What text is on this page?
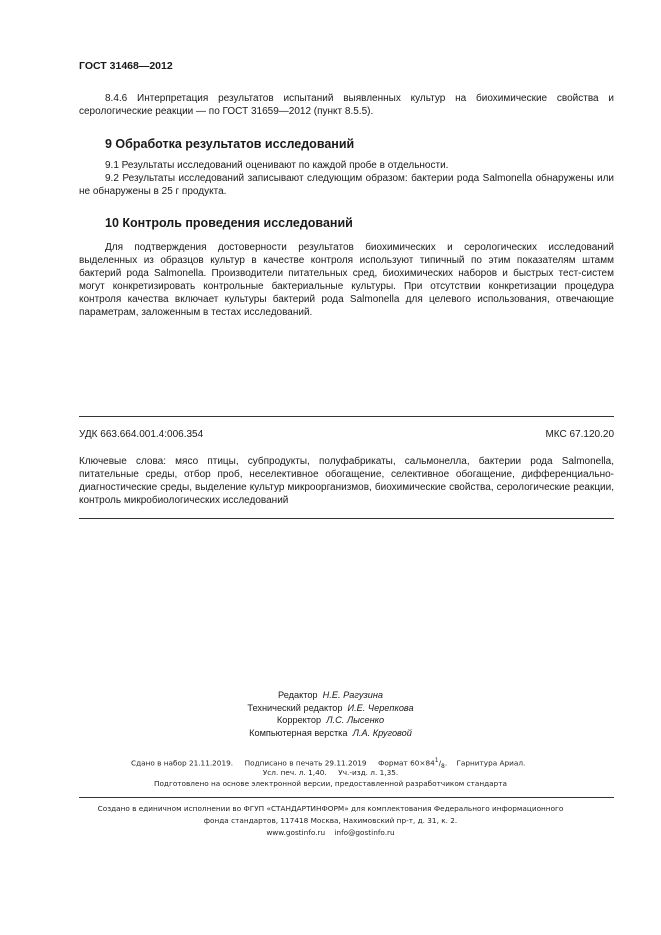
ГОСТ 31468—2012
8.4.6 Интерпретация результатов испытаний выявленных культур на биохимические свойства и серологические реакции — по ГОСТ 31659—2012 (пункт 8.5.5).
9 Обработка результатов исследований
9.1 Результаты исследований оценивают по каждой пробе в отдельности.
9.2 Результаты исследований записывают следующим образом: бактерии рода Salmonella обнаружены или не обнаружены в 25 г продукта.
10 Контроль проведения исследований
Для подтверждения достоверности результатов биохимических и серологических исследований выделенных из образцов культур в качестве контроля используют типичный по этим показателям штамм бактерий рода Salmonella. Производители питательных сред, биохимических наборов и быстрых тест-систем могут конкретизировать контрольные бактериальные культуры. При отсутствии конкретизации процедура контроля качества включает культуры бактерий рода Salmonella для целевого использования, отвечающие параметрам, заложенным в тестах исследований.
УДК 663.664.001.4:006.354	МКС 67.120.20
Ключевые слова: мясо птицы, субпродукты, полуфабрикаты, сальмонелла, бактерии рода Salmonella, питательные среды, отбор проб, неселективное обогащение, селективное обогащение, дифференциально-диагностические среды, выделение культур микроорганизмов, биохимические свойства, серологические реакции, контроль микробиологических исследований
Редактор Н.Е. Рагузина
Технический редактор И.Е. Черепкова
Корректор Л.С. Лысенко
Компьютерная верстка Л.А. Круговой
Сдано в набор 21.11.2019. Подписано в печать 29.11.2019 Формат $60\times 84^1/_8$.    Гарнитура Ариал.
Усл. печ. л. 1,40. Уч.-изд. л. 1,35.
Подготовлено на основе электронной версии, предоставленной разработчиком стандарта
Создано в единичном исполнении во ФГУП «СТАНДАРТИНФОРМ» для комплектования Федерального информационного
фонда стандартов, 117418 Москва, Нахимовский пр-т, д. 31, к. 2.
www.gostinfo.ru info@gostinfo.ru
